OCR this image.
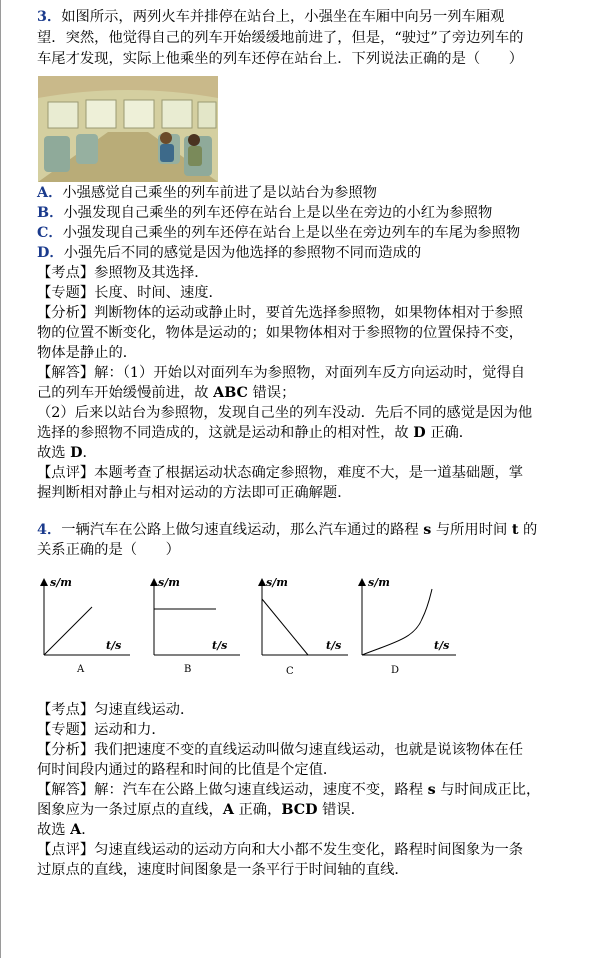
3．如图所示，两列火车并排停在站台上，小强坐在车厢中向另一列车厢观
望．突然，他觉得自己的列车开始缓缓地前进了，但是，“驶过”了旁边列车的
车尾才发现，实际上他乘坐的列车还停在站台上．下列说法正确的是（　　）
A．小强感觉自己乘坐的列车前进了是以站台为参照物
B．小强发现自己乘坐的列车还停在站台上是以坐在旁边的小红为参照物
C．小强发现自己乘坐的列车还停在站台上是以坐在旁边列车的车尾为参照物
D．小强先后不同的感觉是因为他选择的参照物不同而造成的
【考点】参照物及其选择．
【专题】长度、时间、速度．
【分析】判断物体的运动或静止时，要首先选择参照物，如果物体相对于参照
物的位置不断变化，物体是运动的；如果物体相对于参照物的位置保持不变，
物体是静止的．
【解答】解：（1）开始以对面列车为参照物，对面列车反方向运动时，觉得自
己的列车开始缓慢前进，故 ABC 错误；
（2）后来以站台为参照物，发现自己坐的列车没动．先后不同的感觉是因为他
选择的参照物不同造成的，这就是运动和静止的相对性，故 D 正确．
故选 D．
【点评】本题考查了根据运动状态确定参照物，难度不大，是一道基础题，掌
握判断相对静止与相对运动的方法即可正确解题．
4．一辆汽车在公路上做匀速直线运动，那么汽车通过的路程 s 与所用时间 t 的
关系正确的是（　　）
s/m
t/s
A
s/m
t/s
B
s/m
t/s
C
s/m
t/s
D
【考点】匀速直线运动．
【专题】运动和力．
【分析】我们把速度不变的直线运动叫做匀速直线运动，也就是说该物体在任
何时间段内通过的路程和时间的比值是个定值．
【解答】解：汽车在公路上做匀速直线运动，速度不变，路程 s 与时间成正比，
图象应为一条过原点的直线，A 正确，BCD 错误．
故选 A．
【点评】匀速直线运动的运动方向和大小都不发生变化，路程时间图象为一条
过原点的直线，速度时间图象是一条平行于时间轴的直线．
